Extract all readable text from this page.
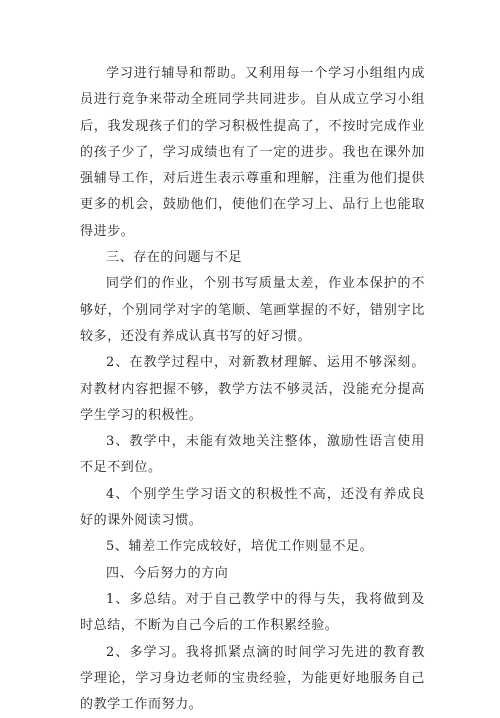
学习进行辅导和帮助。又利用每一个学习小组组内成员进行竞争来带动全班同学共同进步。自从成立学习小组后，我发现孩子们的学习积极性提高了，不按时完成作业的孩子少了，学习成绩也有了一定的进步。我也在课外加强辅导工作，对后进生表示尊重和理解，注重为他们提供更多的机会，鼓励他们，使他们在学习上、品行上也能取得进步。

三、存在的问题与不足

同学们的作业，个别书写质量太差，作业本保护的不够好，个别同学对字的笔顺、笔画掌握的不好，错别字比较多，还没有养成认真书写的好习惯。

2、在教学过程中，对新教材理解、运用不够深刻。对教材内容把握不够，教学方法不够灵活，没能充分提高学生学习的积极性。

3、教学中，未能有效地关注整体，激励性语言使用不足不到位。

4、个别学生学习语文的积极性不高，还没有养成良好的课外阅读习惯。

5、辅差工作完成较好，培优工作则显不足。

四、今后努力的方向

1、多总结。对于自己教学中的得与失，我将做到及时总结，不断为自己今后的工作积累经验。

2、多学习。我将抓紧点滴的时间学习先进的教育教学理论，学习身边老师的宝贵经验，为能更好地服务自己的教学工作而努力。
